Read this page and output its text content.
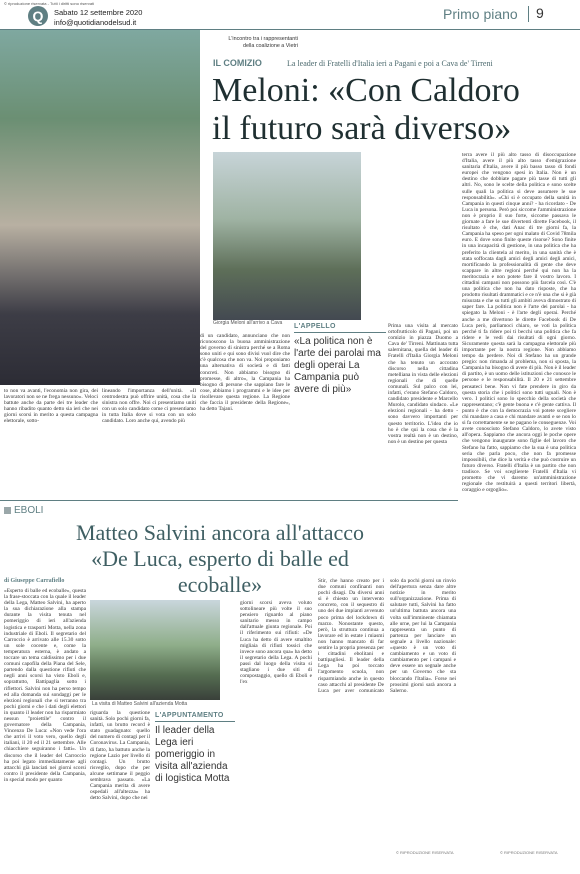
© riproduzione riservata - Tutti i diritti sono riservati
Q	Sabato 12 settembre 2020
info@quotidianodelsud.it
Primo piano 9
L'incontro tra i rappresentanti della coalizione a Vietri
IL COMIZIO	La leader di Fratelli d'Italia ieri a Pagani e poi a Cava de' Tirreni
Meloni: «Con Caldoro il futuro sarà diverso»
Giorgia Meloni all'arrivo a Cava
to non va avanti, l'economia non gira, dei lavoratori non se ne frega nessuno». Veloci battute anche da parte dei tre leader che hanno ribadito quanto detto sia ieri che nei giorni scorsi in merito a questa campagna elettorale, sotto-
lineando l'importanza dell'unità. «Il centrodestra può offrire unità, cosa che la sinistra non offre. Noi ci presentiamo uniti con un solo candidato come ci presentiamo in tutta Italia dove si vota con un solo candidato. Loro anche qui, avendo più
di un candidato, annunciano che non riconoscono la buona amministrazione del governo di sinistra perché se a Roma sono uniti e qui sono divisi vuol dire che c'è qualcosa che non va. Noi proponiamo una alternativa di società e di fatti concreti. Non abbiamo bisogno di promesse, di altro», la Campania ha bisogno di persone che sappiano fare le cose, abbiamo i programmi e le idee per risollevare questa regione. La Regione che faccia il presidente della Regione», ha detto Tajani.
L'APPELLO
«La politica non è l'arte dei parolai ma degli operai La Campania può avere di più»
Prima una visita al mercato ortofrutticolo di Pagani, poi un comizio in piazza Duomo a Cava de' Tirreni. Mattinata tutta salernitana, quella del leader di Fratelli d'Italia Giorgia Meloni che ha tenuto un accorato discorso nella cittadina metelliana in vista delle elezioni regionali che di quelle comunali. Sul palco con lei, infatti, c'erano Stefano Caldoro, candidato presidente e Marcello Murolo, candidato sindaco. «Le elezioni regionali - ha detto - sono davvero importanti per questo territorio. L'idea che io ho è che qui la cosa che è la vostra realtà non è un destino, non è un destino per questa
terra avere il più alto tasso di disoccupazione d'Italia, avere il più alto tasso d'emigrazione sanitaria d'Italia, avere il più basso tasso di fondi europei che vengono spesi in Italia. Non è un destino che dobbiate pagare più tasse di tutti gli altri. No, sono le scelte della politica e sono scelte sulle quali la politica si deve assumere le sue responsabilità». «Chi si è occupato della sanità in Campania in questi cinque anni? - ha ricordato - De Luca in persona. Però poi siccome l'amministrazione non è proprio il suo forte, siccome passava le giornate a fare le sue divertenti dirette Facebook, il risultato è che, dati Anac di tre giorni fa, la Campania ha speso per ogni malato di Covid 78mila euro. E dove sono finite queste risorse? Sono finite in una incapacità di gestione, in una politica che ha preferito la clientela al merito, in una sanità che è stata soffocata dagli amici degli amici degli amici, mortificando la professionalità di gente che deve scappare in altre regioni perché qui non ha la meritocrazia e non potete fare il vostro lavoro. I cittadini campani non possono più farcela così. C'è una politica che non ha dato risposte, che ha prodotto risultati drammatici e ce n'è una che si è già misurata e che su tutti gli ambiti aveva dimostrato di saper fare. La politica non è l'arte dei parolai - ha spiegato la Meloni - è l'arte degli operai. Perché anche a me divertono le dirette Facebook di De Luca però, parliamoci chiaro, se voti la politica perché ti fa ridere poi ti becchi una politica che fa ridere e le vedi dai risultati di ogni giorno. Sicuramente questa sarà la campagna elettorale più importante per la nostra regione. Non abbiamo tempo da perdere. Noi di Stefano ha un grande pregio: non rimanda al problema, non si sposta, la Campania ha bisogno di avere di più. Non è il leader di partito, è un uomo delle istituzioni che conosce le persone e le responsabilità. Il 20 e 21 settembre pensateci bene. Non vi fate prendere in giro da questa storia che i politici sono tutti uguali. Non è vero. I politici sono lo specchio della società che rappresentano; c'è gente buona e c'è gente cattiva. Il punto è che con la democrazia voi potete scegliere chi mandare a casa e chi mandare avanti e se non lo si fa correttamente se ne pagano le conseguenze. Voi avete conosciuto Stefano Caldoro, lo avete visto all'opera. Sappiamo che ancora oggi le poche opere che vengono inaugurate sono figlie del lavoro che Stefano ha fatto, sappiamo che la sua è una politica seria che parla poco, che non fa promesse impossibili, che dice la verità e che può costruire un futuro diverso. Fratelli d'Italia è un partito che non tradisce. Se voi sceglierete Fratelli d'Italia vi prometto che vi daremo un'amministrazione regionale che restituirà a questi territori libertà, coraggio e orgoglio».
EBOLI
Matteo Salvini ancora all'attacco «De Luca, esperto di balle ed ecoballe»
di Giuseppe Carrafiello
«Esperto di balle ed ecoballe», questa la frase-stoccata con la quale il leader della Lega, Matteo Salvini, ha aperto la sua dichiarazione alla stampa durante la visita tenuta nel pomeriggio di ieri all'azienda logistica e trasporti Motta, nella zona industriale di Eboli. Il segretario del Carroccio è arrivato alle 15.30 sotto un sole cocente e, come la temperatura esterna, è andato a toccare un tema caldissimo per i due comuni capofila della Piana del Sele, partendo dalla questione rifiuti che negli anni scorsi ha visto Eboli e, soprattutto, Battipaglia sotto i riflettori. Salvini non ha perso tempo ed alla domanda sui sondaggi per le elezioni regionali che si terranno tra pochi giorni e che i dati degli elettori in quanto il leader non ha risparmiato nessun "proiettile" contro il governatore della Campania, Vincenzo De Luca: «Non vede l'ora che arrivi il voto vero, quello degli italiani, il 20 ed il 21 settembre. Alle chiacchiere seguiranno i fatti». Un discorso che il leader del Carroccio ha poi legato immediatamente agli attacchi già lanciati nei giorni scorsi contro il presidente della Campania, in special modo per quanto
La visita di Matteo Salvini all'azienda Motta
riguarda la questione sanità. Solo pochi giorni fa, infatti, un brutto record è stato guadagnato: quello del numero di contagi per il Coronavirus. La Campania, di fatto, ha battuto anche la regione Lazio per livello di contagi. Un brutto risveglio, dopo che per alcune settimane il peggio sembrava passato. «La Campania merita di avere ospedali all'altezza» ha detto Salvini, dopo che nei
L'APPUNTAMENTO
Il leader della Lega ieri pomeriggio in visita all'azienda di logistica Motta
giorni scorsi aveva voluto sottolineare più volte il suo pensiero riguardo al piano sanitario messo in campo dall'attuale giunta regionale. Poi il riferimento sui rifiuti: «De Luca ha detto di avere smaltito migliaia di rifiuti tossici che invece sono ancora qua» ha detto il segretario della Lega. A pochi passi dal luogo della visita si stagliano i due siti di compostaggio, quello di Eboli e l'ex
Stir, che hanno creato per i due comuni confinanti non pochi disagi. Da diversi anni si è chiesto un intervento concreto, con il sequestro di uno dei due impianti avvenuto poco prima del lockdown di marzo. Nonostante questo, però, la struttura continua a lavorare ed in estate i miasmi non hanno mancato di far sentire la propria presenza per i cittadini ebolitani e battipagliesi. Il leader della Lega ha poi toccato l'argomento scuola, non risparmiando anche in questo caso attacchi al presidente De Luca per aver comunicato solo da pochi giorni un rinvio dell'apertura senza dare altre notizie in merito sull'organizzazione. Prima di salutare tutti, Salvini ha fatto un'ultima battuta ancora una volta sull'imminente chiamata alle urne, per lui la Campania rappresenta un punto di partenza per lanciare un segnale a livello nazionale: «questo è un voto di cambiamento e un voto di cambiamento per i campani e deve essere un segnale anche per un Governo che sta bloccando l'Italia». Forse nei prossimi giorni sarà ancora a Salerno.
© RIPRODUZIONE RISERVATA	© RIPRODUZIONE RISERVATA
